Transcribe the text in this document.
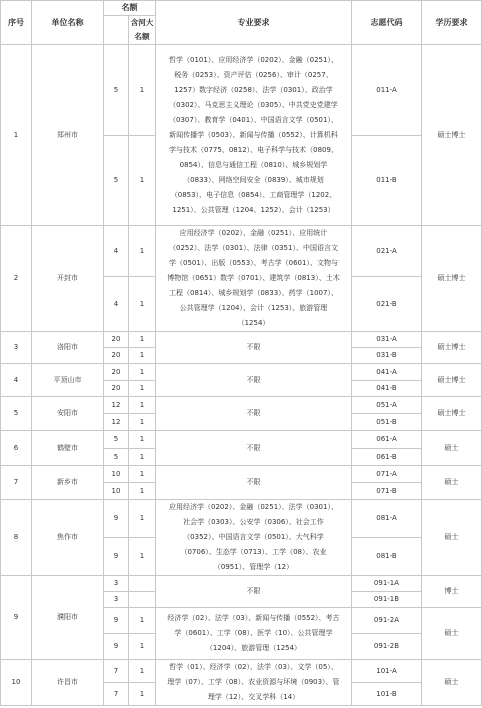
序号	单位名称	名额		专业要求	志愿代码	学历要求
			含河大名额			
1	郑州市	5	1	哲学（0101）、应用经济学（0202）、金融（0251）、税务（0253）、资产评估（0256）、审计（0257、1257）数字经济（0258）、法学（0301）、政治学（0302）、马克思主义理论（0305）、中共党史党建学（0307）、教育学（0401）、中国语言文学（0501）、新闻传播学（0503）、新闻与传播（0552）、计算机科学与技术（0775、0812）、电子科学与技术（0809、0854）、信息与通信工程（0810）、城乡规划学（0833）、网络空间安全（0839）、城市规划（0853）、电子信息（0854）、工商管理学（1202、1251）、公共管理（1204、1252）、会计（1253）	011-A	硕士博士
		5	1		011-B	
2	开封市	4	1	应用经济学（0202）、金融（0251）、应用统计（0252）、法学（0301）、法律（0351）、中国语言文学（0501）、出版（0553）、考古学（0601）、文物与博物馆（0651）数学（0701）、建筑学（0813）、土木工程（0814）、城乡规划学（0833）、药学（1007）、公共管理学（1204）、会计（1253）、旅游管理（1254）	021-A	硕士博士
		4	1		021-B	
3	洛阳市	20	1	不限	031-A	硕士博士
		20	1		031-B	
4	平顶山市	20	1	不限	041-A	硕士博士
		20	1		041-B	
5	安阳市	12	1	不限	051-A	硕士博士
		12	1		051-B	
6	鹤壁市	5	1	不限	061-A	硕士
		5	1		061-B	
7	新乡市	10	1	不限	071-A	硕士
		10	1		071-B	
8	焦作市	9	1	应用经济学（0202）、金融（0251）、法学（0301）、社会学（0303）、公安学（0306）、社会工作（0352）、中国语言文学（0501）、大气科学（0706）、生态学（0713）、工学（08）、农业（0951）、管理学（12）	081-A	硕士
		9	1		081-B	
9	濮阳市	3		不限	091-1A	博士
		3			091-1B	
		9	1	经济学（02）、法学（03）、新闻与传播（0552）、考古学（0601）、工学（08）、医学（10）、公共管理学（1204）、旅游管理（1254）	091-2A	硕士
		9	1		091-2B	
10	许昌市	7	1	哲学（01）、经济学（02）、法学（03）、文学（05）、理学（07）、工学（08）、农业资源与环境（0903）、管理学（12）、交叉学科（14）	101-A	硕士
		7	1		101-B	
